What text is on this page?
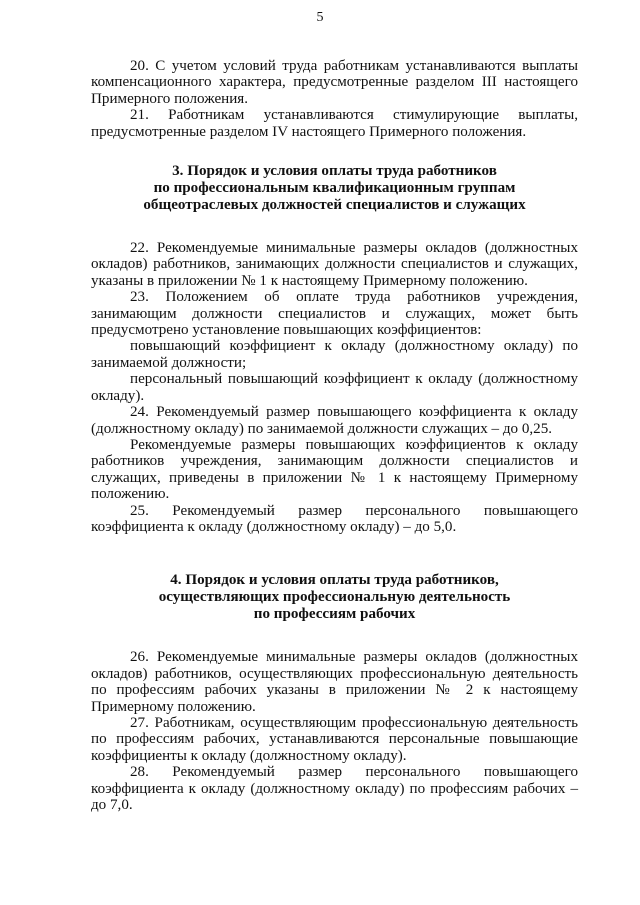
5

20. С учетом условий труда работникам устанавливаются выплаты компенсационного характера, предусмотренные разделом III настоящего Примерного положения.

21. Работникам устанавливаются стимулирующие выплаты, предусмотренные разделом IV настоящего Примерного положения.

3. Порядок и условия оплаты труда работников
по профессиональным квалификационным группам
общеотраслевых должностей специалистов и служащих

22. Рекомендуемые минимальные размеры окладов (должностных окладов) работников, занимающих должности специалистов и служащих, указаны в приложении № 1 к настоящему Примерному положению.

23. Положением об оплате труда работников учреждения, занимающим должности специалистов и служащих, может быть предусмотрено установление повышающих коэффициентов:

повышающий коэффициент к окладу (должностному окладу) по занимаемой должности;

персональный повышающий коэффициент к окладу (должностному окладу).

24. Рекомендуемый размер повышающего коэффициента к окладу (должностному окладу) по занимаемой должности служащих – до 0,25.

Рекомендуемые размеры повышающих коэффициентов к окладу работников учреждения, занимающим должности специалистов и служащих, приведены в приложении № 1 к настоящему Примерному положению.

25. Рекомендуемый размер персонального повышающего коэффициента к окладу (должностному окладу) – до 5,0.

4. Порядок и условия оплаты труда работников,
осуществляющих профессиональную деятельность
по профессиям рабочих

26. Рекомендуемые минимальные размеры окладов (должностных окладов) работников, осуществляющих профессиональную деятельность по профессиям рабочих указаны в приложении № 2 к настоящему Примерному положению.

27. Работникам, осуществляющим профессиональную деятельность по профессиям рабочих, устанавливаются персональные повышающие коэффициенты к окладу (должностному окладу).

28. Рекомендуемый размер персонального повышающего коэффициента к окладу (должностному окладу) по профессиям рабочих – до 7,0.
